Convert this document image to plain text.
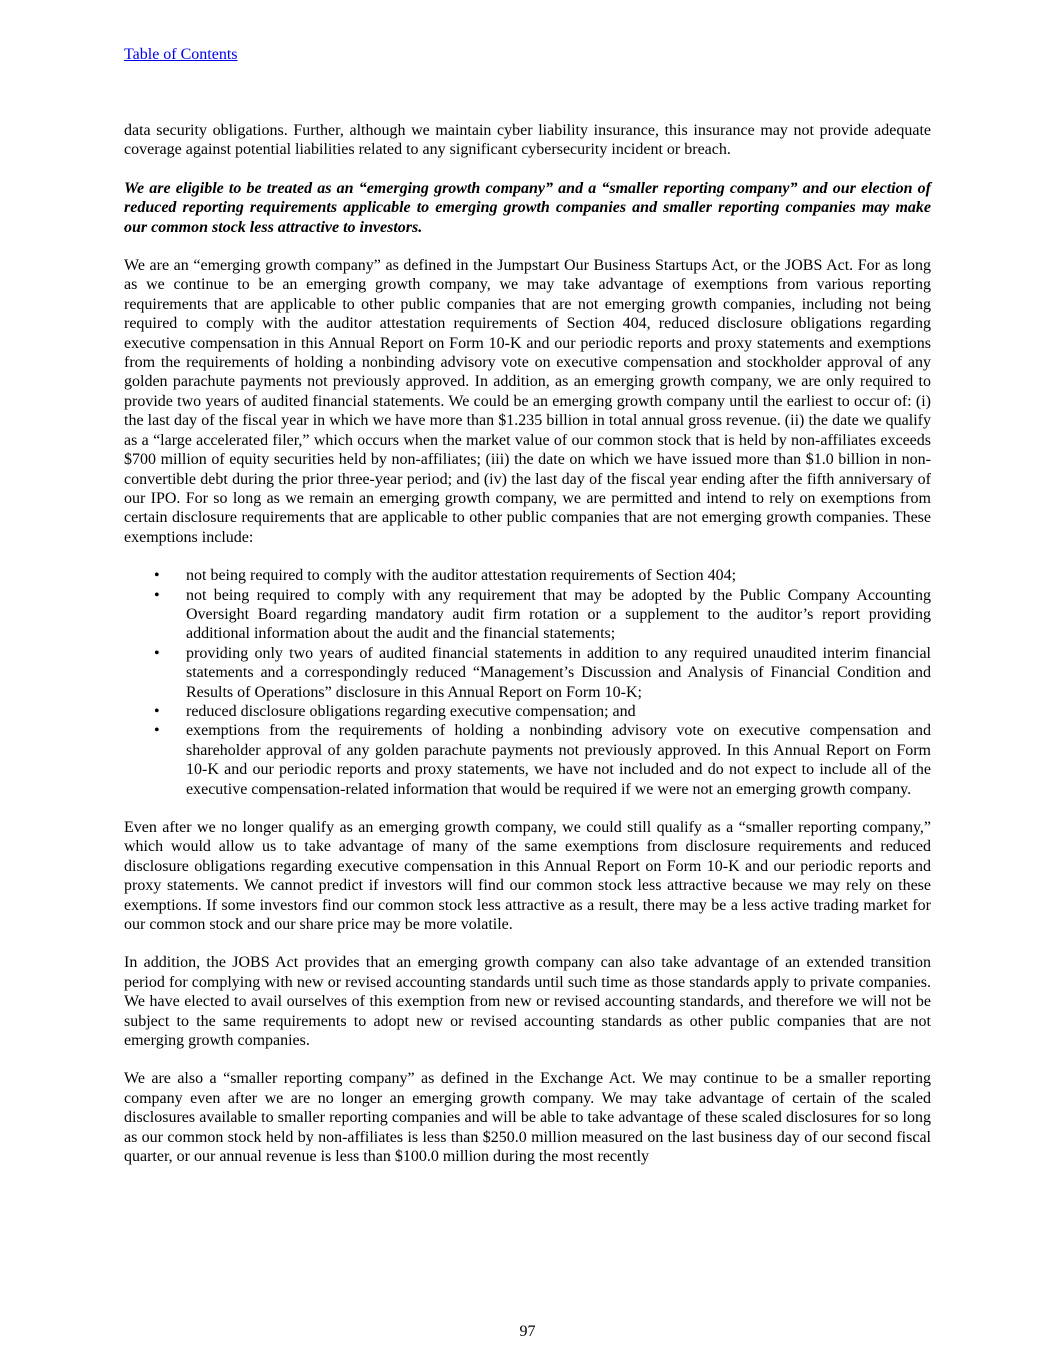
Table of Contents

data security obligations. Further, although we maintain cyber liability insurance, this insurance may not provide adequate coverage against potential liabilities related to any significant cybersecurity incident or breach.

We are eligible to be treated as an “emerging growth company” and a “smaller reporting company” and our election of reduced reporting requirements applicable to emerging growth companies and smaller reporting companies may make our common stock less attractive to investors.

We are an “emerging growth company” as defined in the Jumpstart Our Business Startups Act, or the JOBS Act. For as long as we continue to be an emerging growth company, we may take advantage of exemptions from various reporting requirements that are applicable to other public companies that are not emerging growth companies, including not being required to comply with the auditor attestation requirements of Section 404, reduced disclosure obligations regarding executive compensation in this Annual Report on Form 10-K and our periodic reports and proxy statements and exemptions from the requirements of holding a nonbinding advisory vote on executive compensation and stockholder approval of any golden parachute payments not previously approved. In addition, as an emerging growth company, we are only required to provide two years of audited financial statements. We could be an emerging growth company until the earliest to occur of: (i) the last day of the fiscal year in which we have more than $1.235 billion in total annual gross revenue. (ii) the date we qualify as a “large accelerated filer,” which occurs when the market value of our common stock that is held by non-affiliates exceeds $700 million of equity securities held by non-affiliates; (iii) the date on which we have issued more than $1.0 billion in non-convertible debt during the prior three-year period; and (iv) the last day of the fiscal year ending after the fifth anniversary of our IPO. For so long as we remain an emerging growth company, we are permitted and intend to rely on exemptions from certain disclosure requirements that are applicable to other public companies that are not emerging growth companies. These exemptions include:

• not being required to comply with the auditor attestation requirements of Section 404;
• not being required to comply with any requirement that may be adopted by the Public Company Accounting Oversight Board regarding mandatory audit firm rotation or a supplement to the auditor’s report providing additional information about the audit and the financial statements;
• providing only two years of audited financial statements in addition to any required unaudited interim financial statements and a correspondingly reduced “Management’s Discussion and Analysis of Financial Condition and Results of Operations” disclosure in this Annual Report on Form 10-K;
• reduced disclosure obligations regarding executive compensation; and
• exemptions from the requirements of holding a nonbinding advisory vote on executive compensation and shareholder approval of any golden parachute payments not previously approved. In this Annual Report on Form 10-K and our periodic reports and proxy statements, we have not included and do not expect to include all of the executive compensation-related information that would be required if we were not an emerging growth company.

Even after we no longer qualify as an emerging growth company, we could still qualify as a “smaller reporting company,” which would allow us to take advantage of many of the same exemptions from disclosure requirements and reduced disclosure obligations regarding executive compensation in this Annual Report on Form 10-K and our periodic reports and proxy statements. We cannot predict if investors will find our common stock less attractive because we may rely on these exemptions. If some investors find our common stock less attractive as a result, there may be a less active trading market for our common stock and our share price may be more volatile.

In addition, the JOBS Act provides that an emerging growth company can also take advantage of an extended transition period for complying with new or revised accounting standards until such time as those standards apply to private companies. We have elected to avail ourselves of this exemption from new or revised accounting standards, and therefore we will not be subject to the same requirements to adopt new or revised accounting standards as other public companies that are not emerging growth companies.

We are also a “smaller reporting company” as defined in the Exchange Act. We may continue to be a smaller reporting company even after we are no longer an emerging growth company. We may take advantage of certain of the scaled disclosures available to smaller reporting companies and will be able to take advantage of these scaled disclosures for so long as our common stock held by non-affiliates is less than $250.0 million measured on the last business day of our second fiscal quarter, or our annual revenue is less than $100.0 million during the most recently

97
